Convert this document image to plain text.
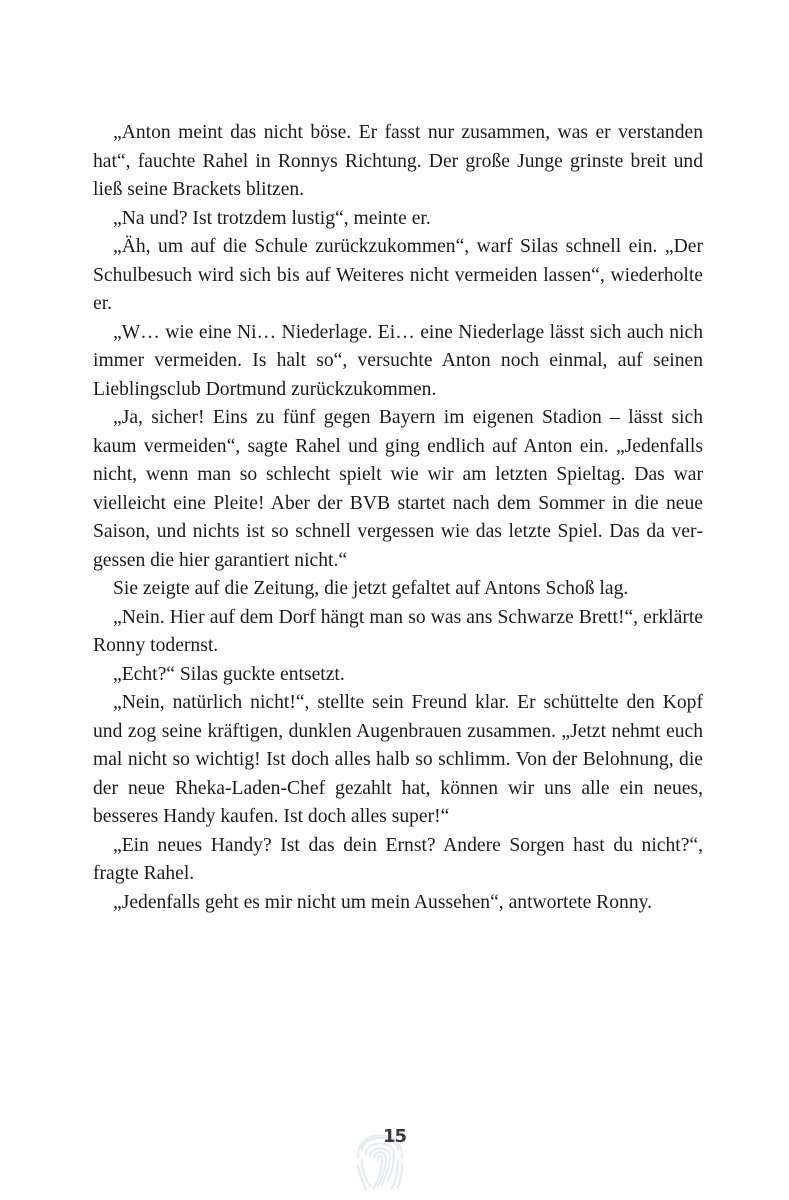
„Anton meint das nicht böse. Er fasst nur zusammen, was er verstanden hat“, fauchte Rahel in Ronnys Richtung. Der große Junge grinste breit und ließ seine Brackets blitzen.

„Na und? Ist trotzdem lustig“, meinte er.

„Äh, um auf die Schule zurückzukommen“, warf Silas schnell ein. „Der Schulbesuch wird sich bis auf Weiteres nicht vermeiden lassen“, wiederholte er.

„W… wie eine Ni… Niederlage. Ei… eine Niederlage lässt sich auch nich immer vermeiden. Is halt so“, versuchte Anton noch einmal, auf seinen Lieblingsclub Dortmund zurückzukommen.

„Ja, sicher! Eins zu fünf gegen Bayern im eigenen Stadion – lässt sich kaum vermeiden“, sagte Rahel und ging endlich auf Anton ein. „Jedenfalls nicht, wenn man so schlecht spielt wie wir am letzten Spieltag. Das war vielleicht eine Pleite! Aber der BVB startet nach dem Sommer in die neue Saison, und nichts ist so schnell vergessen wie das letzte Spiel. Das da vergessen die hier garantiert nicht.“

Sie zeigte auf die Zeitung, die jetzt gefaltet auf Antons Schoß lag.

„Nein. Hier auf dem Dorf hängt man so was ans Schwarze Brett!“, erklärte Ronny todernst.

„Echt?“ Silas guckte entsetzt.

„Nein, natürlich nicht!“, stellte sein Freund klar. Er schüttelte den Kopf und zog seine kräftigen, dunklen Augenbrauen zusammen. „Jetzt nehmt euch mal nicht so wichtig! Ist doch alles halb so schlimm. Von der Belohnung, die der neue Rheka-Laden-Chef gezahlt hat, können wir uns alle ein neues, besseres Handy kaufen. Ist doch alles super!“

„Ein neues Handy? Ist das dein Ernst? Andere Sorgen hast du nicht?“, fragte Rahel.

„Jedenfalls geht es mir nicht um mein Aussehen“, antwortete Ronny.

15
